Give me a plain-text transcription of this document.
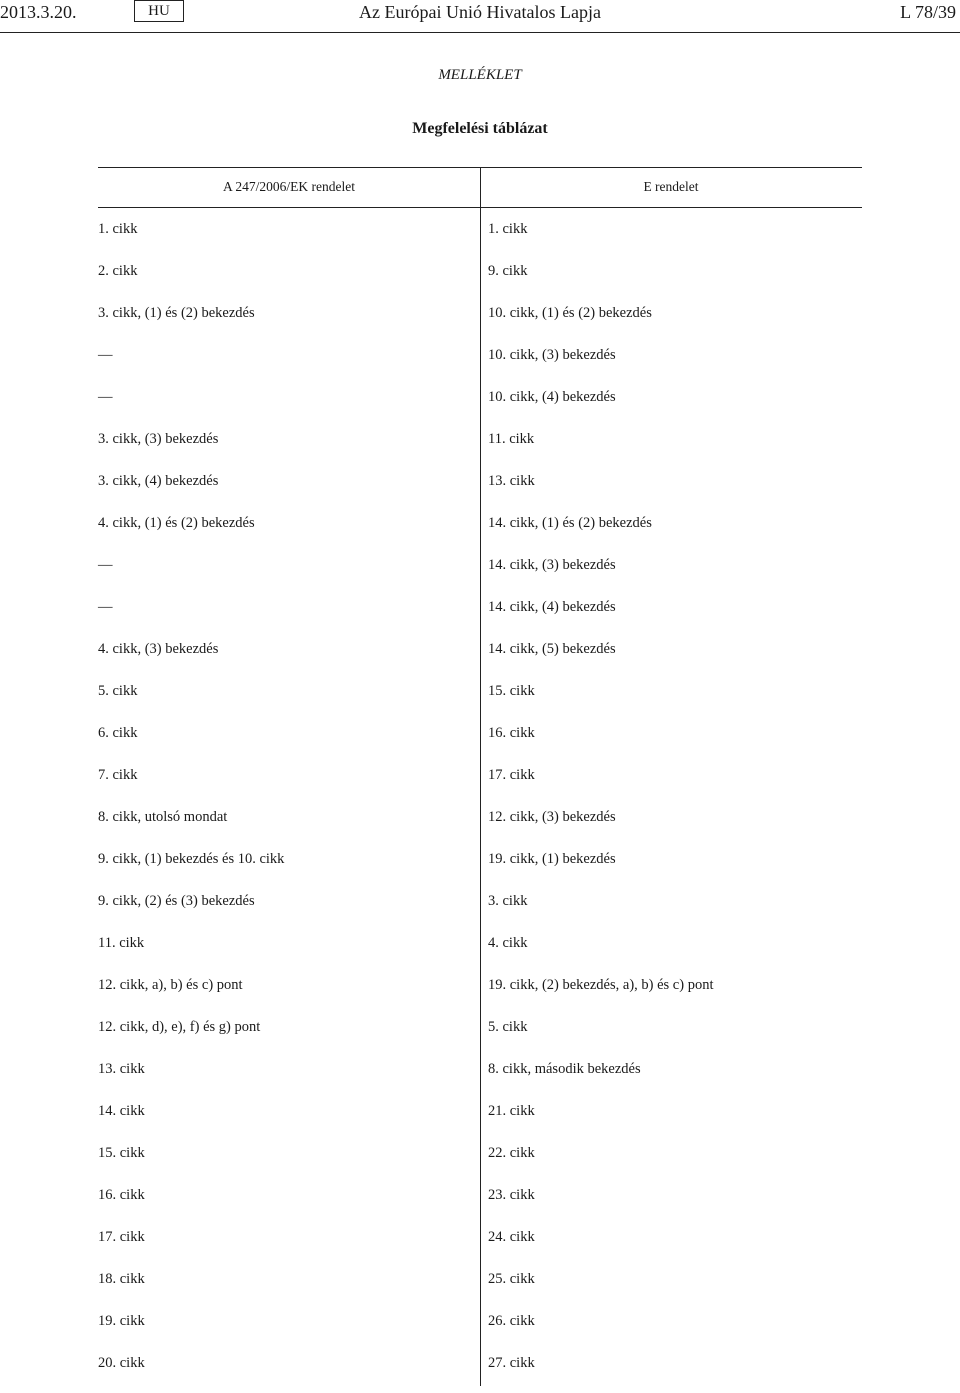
Az Európai Unió Hivatalos Lapja
2013.3.20.	HU	L 78/39
MELLÉKLET
Megfelelési táblázat
A 247/2006/EK rendelet	E rendelet
1. cikk	1. cikk
2. cikk	9. cikk
3. cikk, (1) és (2) bekezdés	10. cikk, (1) és (2) bekezdés
—	10. cikk, (3) bekezdés
—	10. cikk, (4) bekezdés
3. cikk, (3) bekezdés	11. cikk
3. cikk, (4) bekezdés	13. cikk
4. cikk, (1) és (2) bekezdés	14. cikk, (1) és (2) bekezdés
—	14. cikk, (3) bekezdés
—	14. cikk, (4) bekezdés
4. cikk, (3) bekezdés	14. cikk, (5) bekezdés
5. cikk	15. cikk
6. cikk	16. cikk
7. cikk	17. cikk
8. cikk, utolsó mondat	12. cikk, (3) bekezdés
9. cikk, (1) bekezdés és 10. cikk	19. cikk, (1) bekezdés
9. cikk, (2) és (3) bekezdés	3. cikk
11. cikk	4. cikk
12. cikk, a), b) és c) pont	19. cikk, (2) bekezdés, a), b) és c) pont
12. cikk, d), e), f) és g) pont	5. cikk
13. cikk	8. cikk, második bekezdés
14. cikk	21. cikk
15. cikk	22. cikk
16. cikk	23. cikk
17. cikk	24. cikk
18. cikk	25. cikk
19. cikk	26. cikk
20. cikk	27. cikk
